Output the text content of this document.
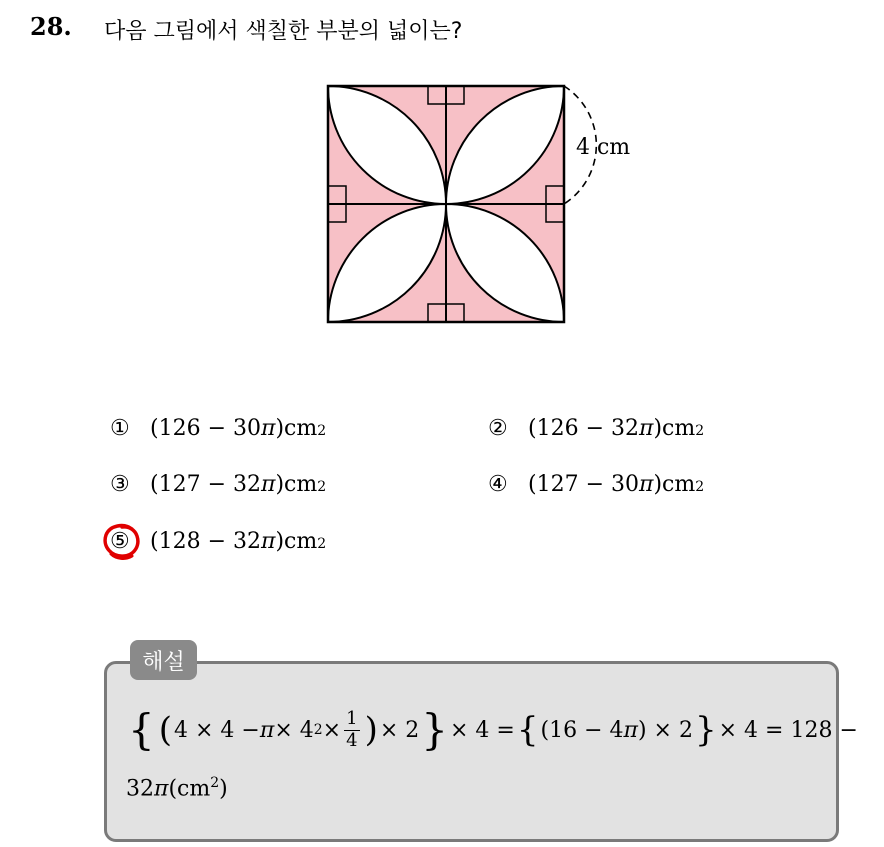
28. 다음 그림에서 색칠한 부분의 넓이는?
4 cm
① (126 − 30 π )cm 2	② (126 − 32 π )cm 2
③ (127 − 32 π )cm 2	④ (127 − 30 π )cm 2
⑤ (128 − 32 π )cm 2
해설
{ ( 4 × 4 − π × 4 $2 \times \frac{1}{4}$ ) × 2 } × 4 = { (16 − 4 π ) × 2 } × 4 = 128 −
$32\pi(cm^2)$
